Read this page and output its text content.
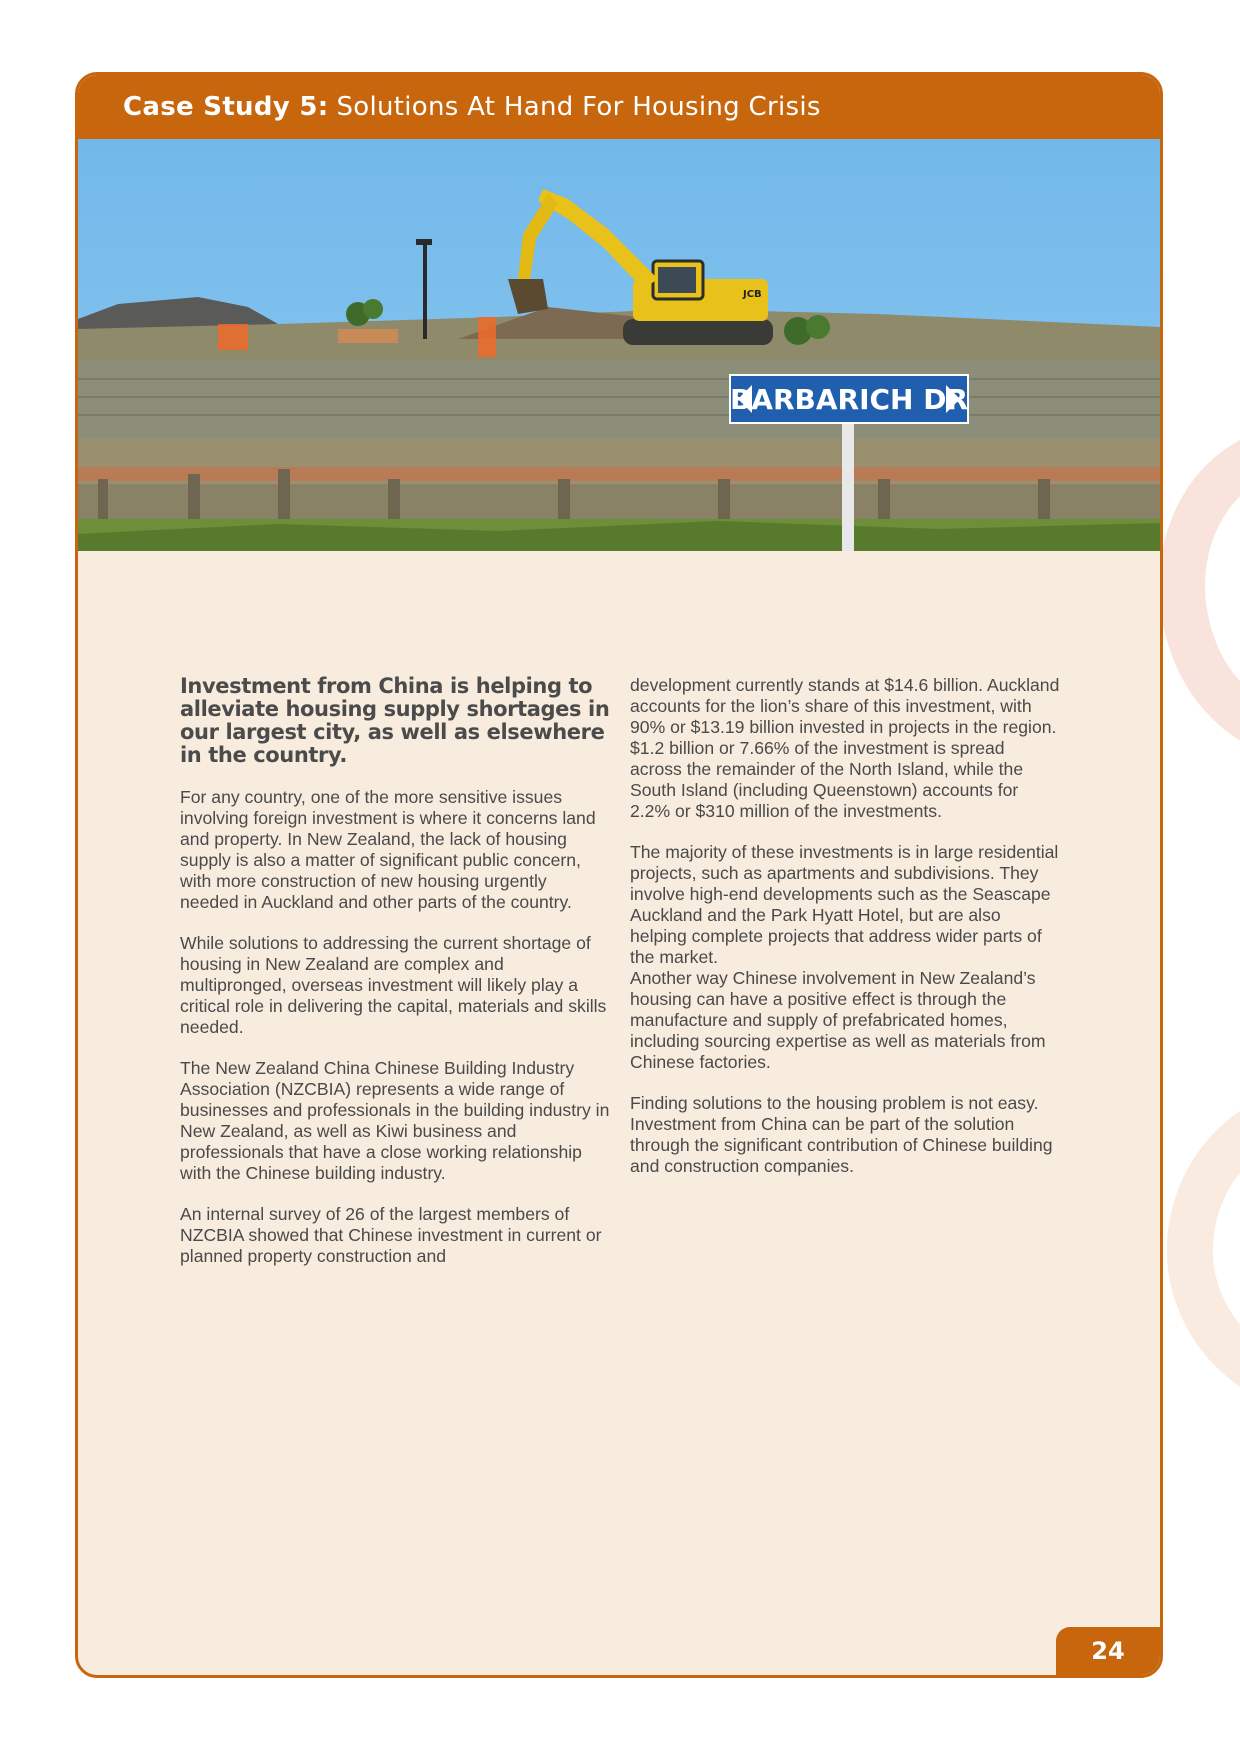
Case Study 5: Solutions At Hand For Housing Crisis
JCB
BARBARICH DR

Investment from China is helping to alleviate housing supply shortages in our largest city, as well as elsewhere in the country.

For any country, one of the more sensitive issues involving foreign investment is where it concerns land and property. In New Zealand, the lack of housing supply is also a matter of significant public concern, with more construction of new housing urgently needed in Auckland and other parts of the country.

While solutions to addressing the current shortage of housing in New Zealand are complex and multipronged, overseas investment will likely play a critical role in delivering the capital, materials and skills needed.

The New Zealand China Chinese Building Industry Association (NZCBIA) represents a wide range of businesses and professionals in the building industry in New Zealand, as well as Kiwi business and professionals that have a close working relationship with the Chinese building industry.

An internal survey of 26 of the largest members of NZCBIA showed that Chinese investment in current or planned property construction and

development currently stands at $14.6 billion. Auckland accounts for the lion’s share of this investment, with 90% or $13.19 billion invested in projects in the region. $1.2 billion or 7.66% of the investment is spread across the remainder of the North Island, while the South Island (including Queenstown) accounts for 2.2% or $310 million of the investments.

The majority of these investments is in large residential projects, such as apartments and subdivisions. They involve high-end developments such as the Seascape Auckland and the Park Hyatt Hotel, but are also helping complete projects that address wider parts of the market.

Another way Chinese involvement in New Zealand’s housing can have a positive effect is through the manufacture and supply of prefabricated homes, including sourcing expertise as well as materials from Chinese factories.

Finding solutions to the housing problem is not easy. Investment from China can be part of the solution through the significant contribution of Chinese building and construction companies.

24
